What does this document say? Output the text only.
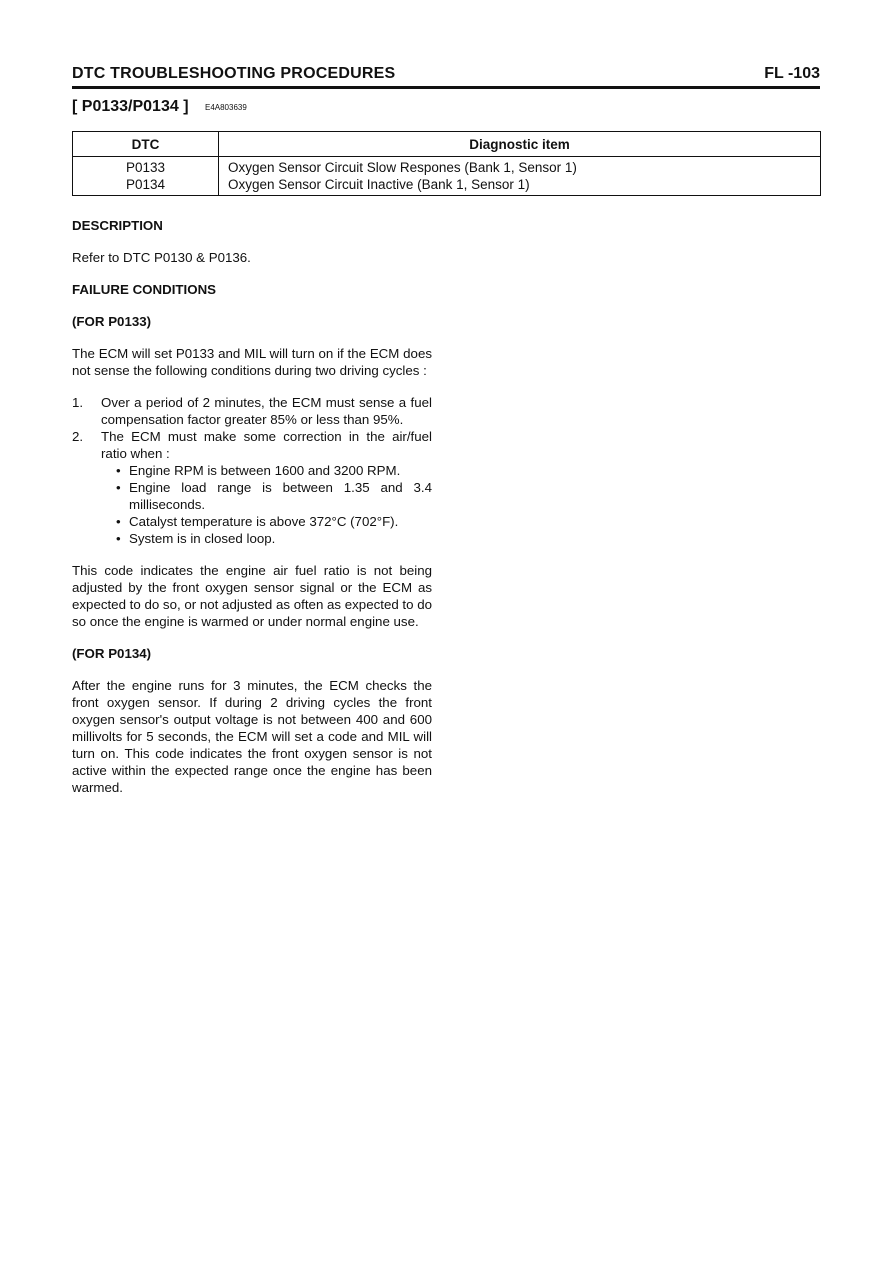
DTC TROUBLESHOOTING PROCEDURES	FL -103
[ P0133/P0134 ] E4A803639
DTC	Diagnostic item
P0133	Oxygen Sensor Circuit Slow Respones (Bank 1, Sensor 1)
P0134	Oxygen Sensor Circuit Inactive (Bank 1, Sensor 1)
DESCRIPTION

Refer to DTC P0130 & P0136.

FAILURE CONDITIONS
(FOR P0133)

The ECM will set P0133 and MIL will turn on if the ECM does not sense the following conditions during two driving cycles :

1. Over a period of 2 minutes, the ECM must sense a fuel compensation factor greater 85% or less than 95%.
2. The ECM must make some correction in the air/fuel ratio when :
• Engine RPM is between 1600 and 3200 RPM.
• Engine load range is between 1.35 and 3.4 milliseconds.
• Catalyst temperature is above 372°C (702°F).
• System is in closed loop.

This code indicates the engine air fuel ratio is not being adjusted by the front oxygen sensor signal or the ECM as expected to do so, or not adjusted as often as expected to do so once the engine is warmed or under normal engine use.

(FOR P0134)

After the engine runs for 3 minutes, the ECM checks the front oxygen sensor. If during 2 driving cycles the front oxygen sensor's output voltage is not between 400 and 600 millivolts for 5 seconds, the ECM will set a code and MIL will turn on. This code indicates the front oxygen sensor is not active within the expected range once the engine has been warmed.
